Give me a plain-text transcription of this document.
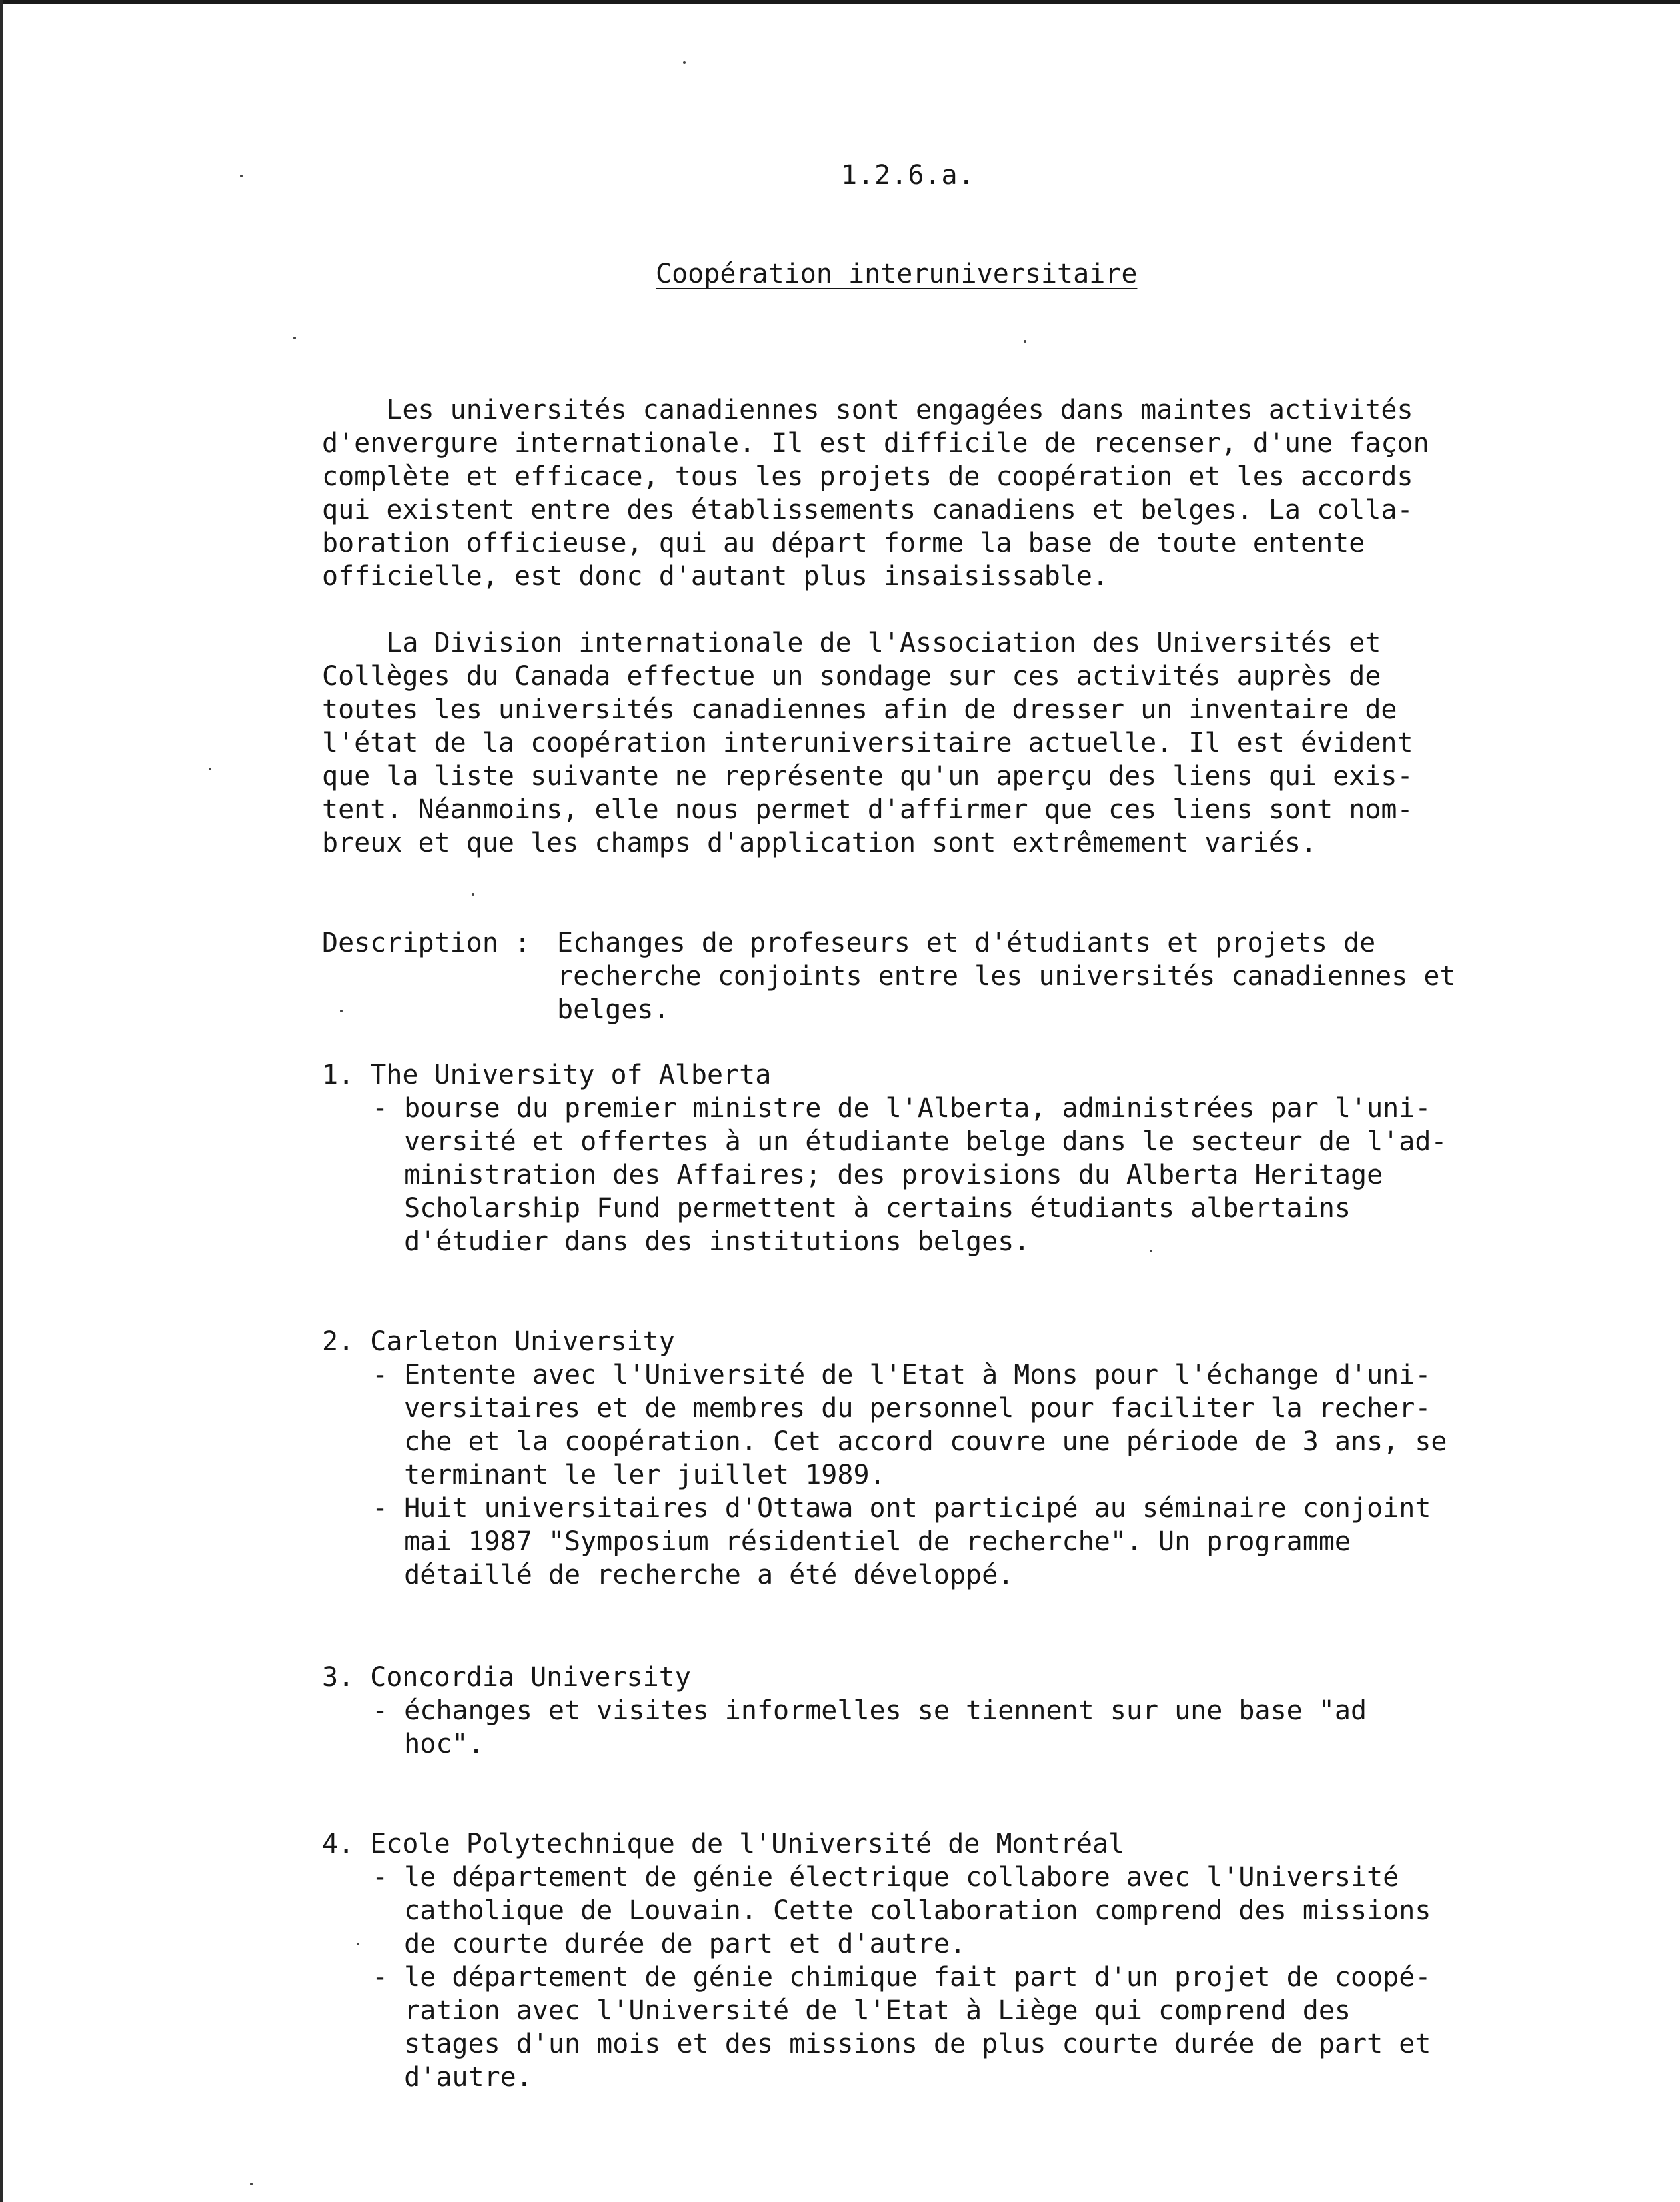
1.2.6.a.
Coopération interuniversitaire

Les universités canadiennes sont engagées dans maintes activités
d'envergure internationale. Il est difficile de recenser, d'une façon
complète et efficace, tous les projets de coopération et les accords
qui existent entre des établissements canadiens et belges. La colla-
boration officieuse, qui au départ forme la base de toute entente
officielle, est donc d'autant plus insaisissable.

La Division internationale de l'Association des Universités et
Collèges du Canada effectue un sondage sur ces activités auprès de
toutes les universités canadiennes afin de dresser un inventaire de
l'état de la coopération interuniversitaire actuelle. Il est évident
que la liste suivante ne représente qu'un aperçu des liens qui exis-
tent. Néanmoins, elle nous permet d'affirmer que ces liens sont nom-
breux et que les champs d'application sont extrêmement variés.

Description : Echanges de profeseurs et d'étudiants et projets de
recherche conjoints entre les universités canadiennes et
belges.

1. The University of Alberta

- bourse du premier ministre de l'Alberta, administrées par l'uni-
versité et offertes à un étudiante belge dans le secteur de l'ad-
ministration des Affaires; des provisions du Alberta Heritage
Scholarship Fund permettent à certains étudiants albertains
d'étudier dans des institutions belges.

2. Carleton University

- Entente avec l'Université de l'Etat à Mons pour l'échange d'uni-
versitaires et de membres du personnel pour faciliter la recher-
che et la coopération. Cet accord couvre une période de 3 ans, se
terminant le ler juillet 1989.

- Huit universitaires d'Ottawa ont participé au séminaire conjoint
mai 1987 "Symposium résidentiel de recherche". Un programme
détaillé de recherche a été développé.

3. Concordia University

- échanges et visites informelles se tiennent sur une base "ad
hoc".

4. Ecole Polytechnique de l'Université de Montréal

- le département de génie électrique collabore avec l'Université
catholique de Louvain. Cette collaboration comprend des missions
de courte durée de part et d'autre.

- le département de génie chimique fait part d'un projet de coopé-
ration avec l'Université de l'Etat à Liège qui comprend des
stages d'un mois et des missions de plus courte durée de part et
d'autre.
